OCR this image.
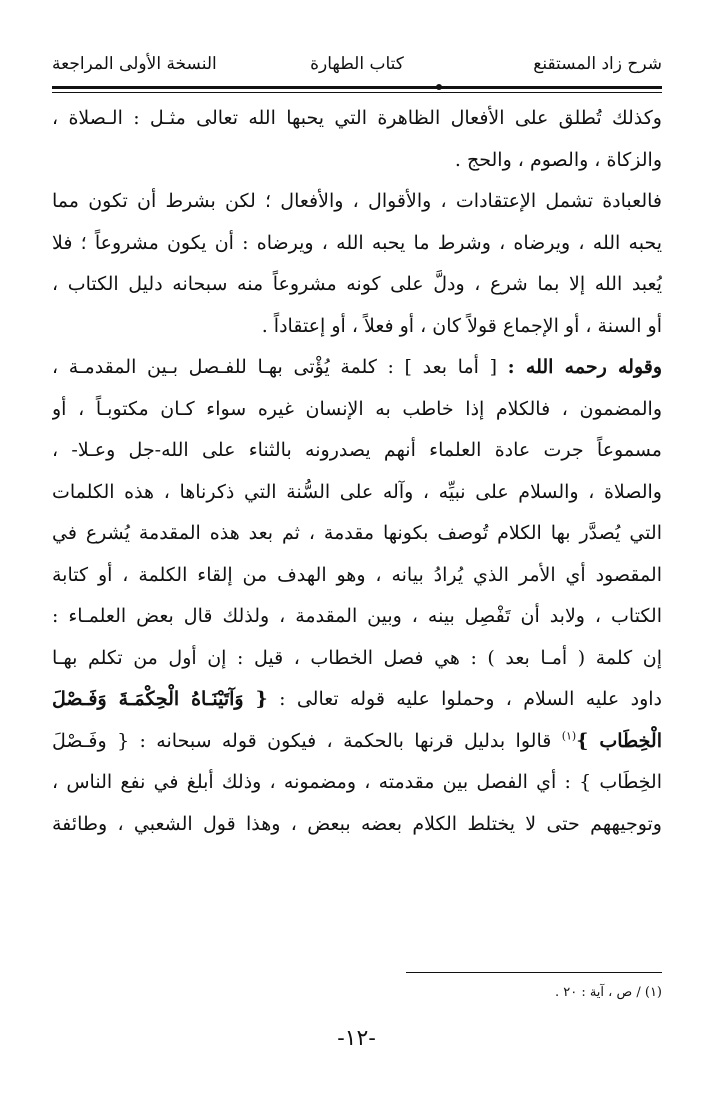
شرح زاد المستقنع
كتاب الطهارة
النسخة الأولى المراجعة
وكذلك تُطلق على الأفعال الظاهرة التي يحبها الله تعالى مثـل : الـصلاة ،
والزكاة ، والصوم ، والحج .
فالعبادة تشمل الإعتقادات ، والأقوال ، والأفعال ؛ لكن بشرط أن تكون مما
يحبه الله ، ويرضاه ، وشرط ما يحبه الله ، ويرضاه : أن يكون مشروعاً ؛ فلا
يُعبد الله إلا بما شرع ، ودلَّ على كونه مشروعاً منه سبحانه دليل الكتاب ،
أو السنة ، أو الإجماع قولاً كان ، أو فعلاً ، أو إعتقاداً .
وقوله رحمه الله : [ أما بعد ] : كلمة يُؤْتى بهـا للفـصل بـين المقدمـة ،
والمضمون ، فالكلام إذا خاطب به الإنسان غيره سواء كـان مكتوبـاً ، أو
مسموعاً جرت عادة العلماء أنهم يصدرونه بالثناء على الله-جل وعـلا- ،
والصلاة ، والسلام على نبيِّه ، وآله على السُّنة التي ذكرناها ، هذه الكلمات
التي يُصدَّر بها الكلام تُوصف بكونها مقدمة ، ثم بعد هذه المقدمة يُشرع في
المقصود أي الأمر الذي يُرادُ بيانه ، وهو الهدف من إلقاء الكلمة ، أو كتابة
الكتاب ، ولابد أن تَفْصِل بينه ، وبين المقدمة ، ولذلك قال بعض العلمـاء :
إن كلمة ( أمـا بعد ) : هي فصل الخطاب ، قيل : إن أول من تكلم بهـا
داود عليه السلام ، وحملوا عليه قوله تعالى : { وَآتَيْنَـاهُ الْحِكْمَـةَ وَفَـصْلَ
الْخِطَاب }$^{(١)}$ قالوا بدليل قرنها بالحكمة ، فيكون قوله سبحانه : { وفَـصْلَ
الخِطَاب } : أي الفصل بين مقدمته ، ومضمونه ، وذلك أبلغ في نفع الناس ،
وتوجيههم حتى لا يختلط الكلام بعضه ببعض ، وهذا قول الشعبي ، وطائفة
(١) / ص ، آية : ٢٠ .
-١٢-
